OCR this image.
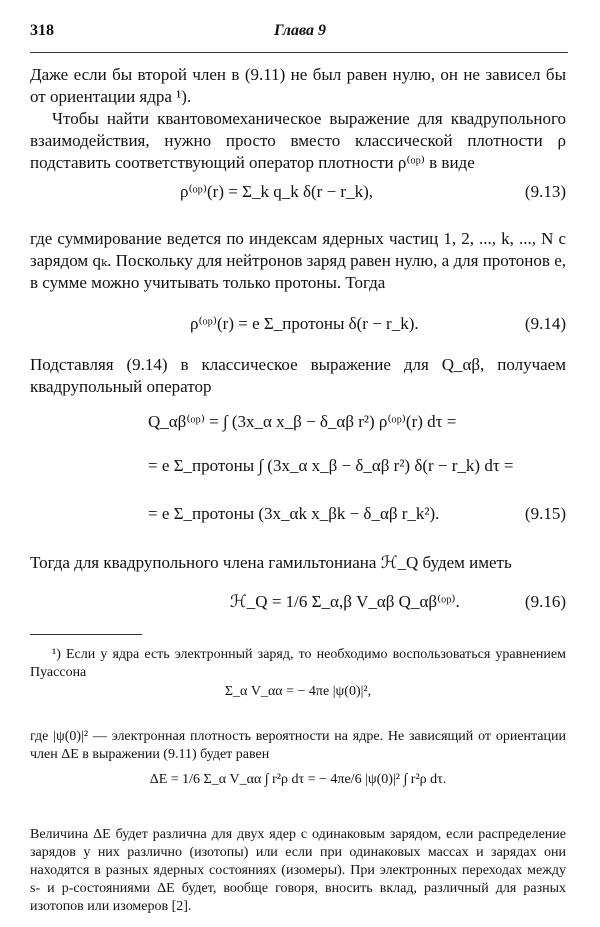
318	Глава 9

Даже если бы второй член в (9.11) не был равен нулю, он не зависел бы от ориентации ядра ¹).

Чтобы найти квантовомеханическое выражение для квадрупольного взаимодействия, нужно просто вместо классической плотности ρ подставить соответствующий оператор плотности ρ⁽ᵒᵖ⁾ в виде

ρ⁽ᵒᵖ⁾(r) = Σ_k q_k δ(r − r_k),	(9.13)

где суммирование ведется по индексам ядерных частиц 1, 2, ..., k, ..., N с зарядом qₖ. Поскольку для нейтронов заряд равен нулю, а для протонов e, в сумме можно учитывать только протоны. Тогда

ρ⁽ᵒᵖ⁾(r) = e Σ_протоны δ(r − r_k).	(9.14)

Подставляя (9.14) в классическое выражение для Q_αβ, получаем квадрупольный оператор

Q_αβ⁽ᵒᵖ⁾ = ∫ (3x_α x_β − δ_αβ r²) ρ⁽ᵒᵖ⁾(r) dτ =
= e Σ_протоны ∫ (3x_α x_β − δ_αβ r²) δ(r − r_k) dτ =
= e Σ_протоны (3x_αk x_βk − δ_αβ r_k²).	(9.15)

Тогда для квадрупольного члена гамильтониана ℋ_Q будем иметь

ℋ_Q = 1/6 Σ_α,β V_αβ Q_αβ⁽ᵒᵖ⁾.	(9.16)

¹) Если у ядра есть электронный заряд, то необходимо воспользоваться уравнением Пуассона

Σ_α V_αα = − 4πe |ψ(0)|²,

где |ψ(0)|² — электронная плотность вероятности на ядре. Не зависящий от ориентации член ΔE в выражении (9.11) будет равен

ΔE = 1/6 Σ_α V_αα ∫ r²ρ dτ = − 4πe/6 |ψ(0)|² ∫ r²ρ dτ.

Величина ΔE будет различна для двух ядер с одинаковым зарядом, если распределение зарядов у них различно (изотопы) или если при одинаковых массах и зарядах они находятся в разных ядерных состояниях (изомеры). При электронных переходах между s- и p-состояниями ΔE будет, вообще говоря, вносить вклад, различный для разных изотопов или изомеров [2].
